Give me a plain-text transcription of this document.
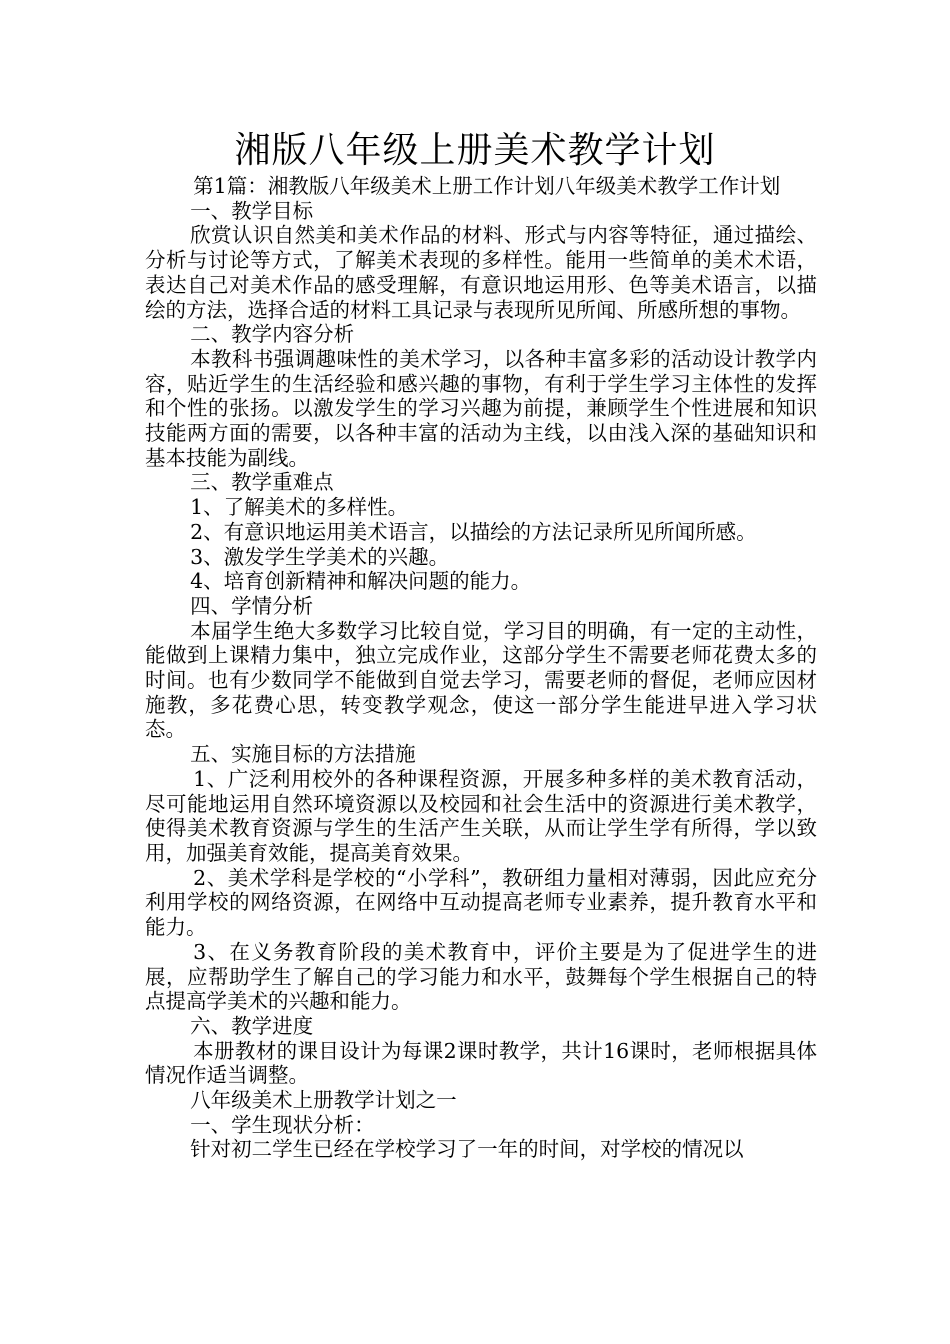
湘版八年级上册美术教学计划

第1篇：湘教版八年级美术上册工作计划八年级美术教学工作计划

一、教学目标

欣赏认识自然美和美术作品的材料、形式与内容等特征，通过描绘、分析与讨论等方式，了解美术表现的多样性。能用一些简单的美术术语，表达自己对美术作品的感受理解，有意识地运用形、色等美术语言，以描绘的方法，选择合适的材料工具记录与表现所见所闻、所感所想的事物。

二、教学内容分析

本教科书强调趣味性的美术学习，以各种丰富多彩的活动设计教学内容，贴近学生的生活经验和感兴趣的事物，有利于学生学习主体性的发挥和个性的张扬。以激发学生的学习兴趣为前提，兼顾学生个性进展和知识技能两方面的需要，以各种丰富的活动为主线，以由浅入深的基础知识和基本技能为副线。

三、教学重难点

1、了解美术的多样性。

2、有意识地运用美术语言，以描绘的方法记录所见所闻所感。

3、激发学生学美术的兴趣。

4、培育创新精神和解决问题的能力。

四、学情分析

本届学生绝大多数学习比较自觉，学习目的明确，有一定的主动性，能做到上课精力集中，独立完成作业，这部分学生不需要老师花费太多的时间。也有少数同学不能做到自觉去学习，需要老师的督促，老师应因材施教，多花费心思，转变教学观念，使这一部分学生能进早进入学习状态。

五、实施目标的方法措施

1、广泛利用校外的各种课程资源，开展多种多样的美术教育活动，尽可能地运用自然环境资源以及校园和社会生活中的资源进行美术教学，使得美术教育资源与学生的生活产生关联，从而让学生学有所得，学以致用，加强美育效能，提高美育效果。

2、美术学科是学校的“小学科”，教研组力量相对薄弱，因此应充分利用学校的网络资源，在网络中互动提高老师专业素养，提升教育水平和能力。

3、在义务教育阶段的美术教育中，评价主要是为了促进学生的进展，应帮助学生了解自己的学习能力和水平，鼓舞每个学生根据自己的特点提高学美术的兴趣和能力。

六、教学进度

本册教材的课目设计为每课2课时教学，共计16课时，老师根据具体情况作适当调整。

八年级美术上册教学计划之一

一、学生现状分析：

针对初二学生已经在学校学习了一年的时间，对学校的情况以
